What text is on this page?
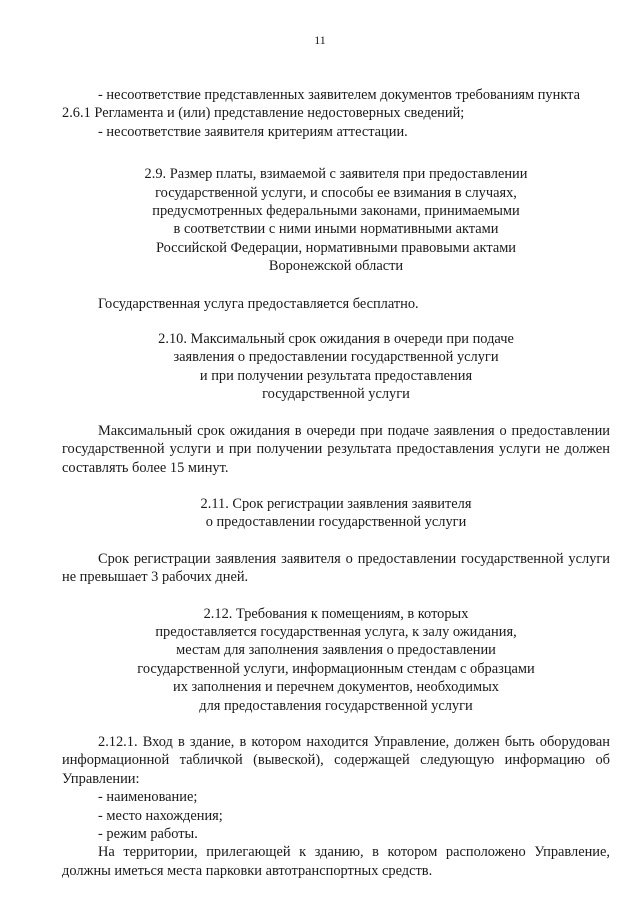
11

- несоответствие представленных заявителем документов требованиям пункта
2.6.1 Регламента и (или) представление недостоверных сведений;
- несоответствие заявителя критериям аттестации.

2.9. Размер платы, взимаемой с заявителя при предоставлении
государственной услуги, и способы ее взимания в случаях,
предусмотренных федеральными законами, принимаемыми
в соответствии с ними иными нормативными актами
Российской Федерации, нормативными правовыми актами
Воронежской области

Государственная услуга предоставляется бесплатно.

2.10. Максимальный срок ожидания в очереди при подаче
заявления о предоставлении государственной услуги
и при получении результата предоставления
государственной услуги

Максимальный срок ожидания в очереди при подаче заявления о предоставлении государственной услуги и при получении результата предоставления услуги не должен составлять более 15 минут.

2.11. Срок регистрации заявления заявителя
о предоставлении государственной услуги

Срок регистрации заявления заявителя о предоставлении государственной услуги не превышает 3 рабочих дней.

2.12. Требования к помещениям, в которых
предоставляется государственная услуга, к залу ожидания,
местам для заполнения заявления о предоставлении
государственной услуги, информационным стендам с образцами
их заполнения и перечнем документов, необходимых
для предоставления государственной услуги

2.12.1. Вход в здание, в котором находится Управление, должен быть оборудован информационной табличкой (вывеской), содержащей следующую информацию об Управлении:

- наименование;
- место нахождения;
- режим работы.

На территории, прилегающей к зданию, в котором расположено Управление, должны иметься места парковки автотранспортных средств.
